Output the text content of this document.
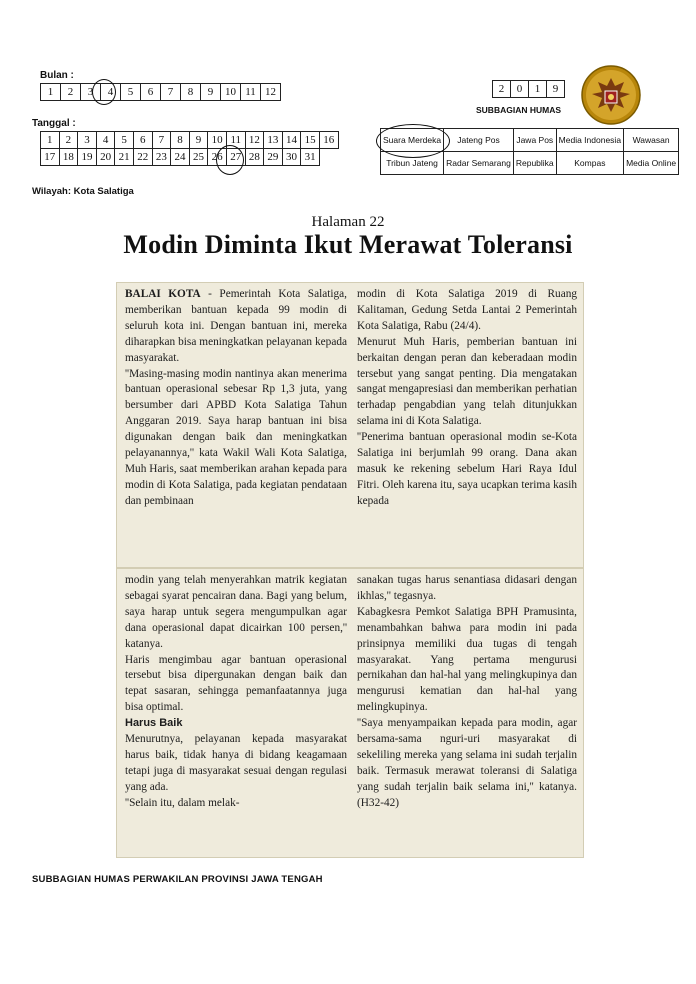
Bulan :
1	2	3	4	5	6	7	8	9	10	11	12
Tanggal :
1	2	3	4	5	6	7	8	9	10	11	12	13	14	15	16
17	18	19	20	21	22	23	24	25	26	27	28	29	30	31	
2	0	1	9
SUBBAGIAN HUMAS
Suara Merdeka	Jateng Pos	Jawa Pos	Media Indonesia	Wawasan
Tribun Jateng	Radar Semarang	Republika	Kompas	Media Online
Wilayah: Kota Salatiga
Halaman 22
Modin Diminta Ikut Merawat Toleransi

BALAI KOTA - Pemerintah Kota Salatiga, memberikan bantuan kepada 99 modin di seluruh kota ini. Dengan bantuan ini, mereka diharapkan bisa meningkatkan pelayanan kepada masyarakat.

''Masing-masing modin nantinya akan menerima bantuan operasional sebesar Rp 1,3 juta, yang bersumber dari APBD Kota Salatiga Tahun Anggaran 2019. Saya harap bantuan ini bisa digunakan dengan baik dan meningkatkan pelayanannya,'' kata Wakil Wali Kota Salatiga, Muh Haris, saat memberikan arahan kepada para modin di Kota Salatiga, pada kegiatan pendataan dan pembinaan

modin di Kota Salatiga 2019 di Ruang Kalitaman, Gedung Setda Lantai 2 Pemerintah Kota Salatiga, Rabu (24/4).

Menurut Muh Haris, pemberian bantuan ini berkaitan dengan peran dan keberadaan modin tersebut yang sangat penting. Dia mengatakan sangat mengapresiasi dan memberikan perhatian terhadap pengabdian yang telah ditunjukkan selama ini di Kota Salatiga.

''Penerima bantuan operasional modin se-Kota Salatiga ini berjumlah 99 orang. Dana akan masuk ke rekening sebelum Hari Raya Idul Fitri. Oleh karena itu, saya ucapkan terima kasih kepada

modin yang telah menyerahkan matrik kegiatan sebagai syarat pencairan dana. Bagi yang belum, saya harap untuk segera mengumpulkan agar dana operasional dapat dicairkan 100 persen,'' katanya.

Haris mengimbau agar bantuan operasional tersebut bisa dipergunakan dengan baik dan tepat sasaran, sehingga pemanfaatannya juga bisa optimal.

Harus Baik

Menurutnya, pelayanan kepada masyarakat harus baik, tidak hanya di bidang keagamaan tetapi juga di masyarakat sesuai dengan regulasi yang ada.

''Selain itu, dalam melak-

sanakan tugas harus senantiasa didasari dengan ikhlas,'' tegasnya.

Kabagkesra Pemkot Salatiga BPH Pramusinta, menambahkan bahwa para modin ini pada prinsipnya memiliki dua tugas di tengah masyarakat. Yang pertama mengurusi pernikahan dan hal-hal yang melingkupinya dan mengurusi kematian dan hal-hal yang melingkupinya.

''Saya menyampaikan kepada para modin, agar bersama-sama nguri-uri masyarakat di sekeliling mereka yang selama ini sudah terjalin baik. Termasuk merawat toleransi di Salatiga yang sudah terjalin baik selama ini,'' katanya. (H32-42)

SUBBAGIAN HUMAS PERWAKILAN PROVINSI JAWA TENGAH
